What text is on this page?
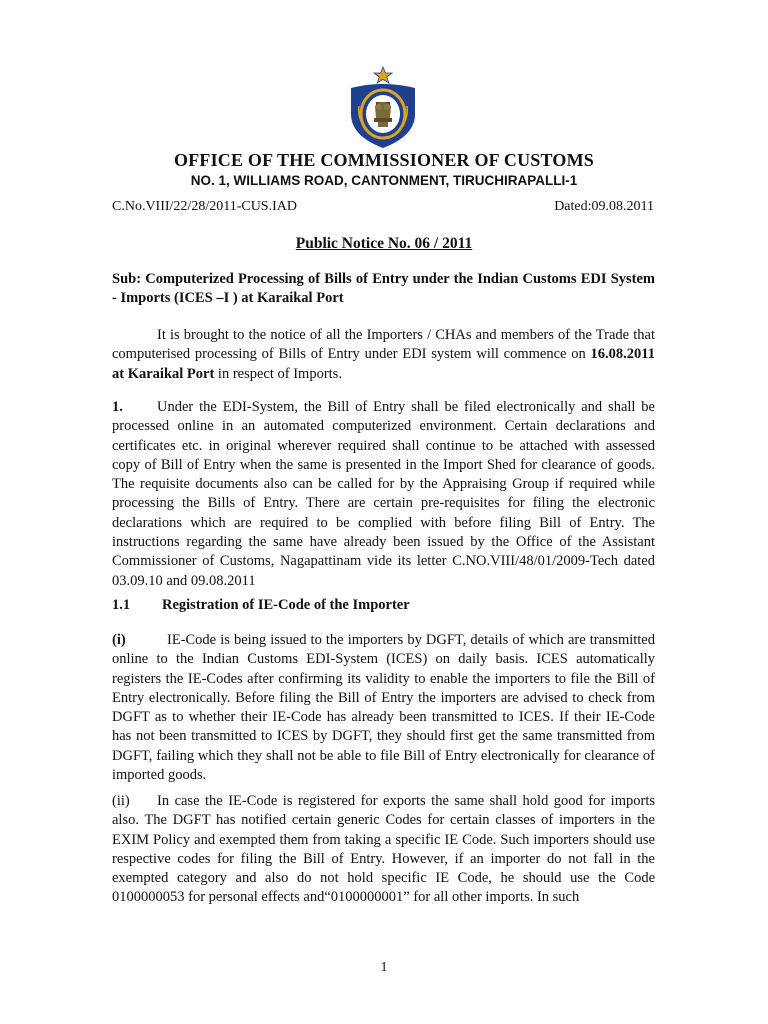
OFFICE OF THE COMMISSIONER OF CUSTOMS
NO. 1, WILLIAMS ROAD, CANTONMENT, TIRUCHIRAPALLI-1
C.No.VIII/22/28/2011-CUS.IAD	Dated:09.08.2011
Public Notice No. 06 / 2011
Sub: Computerized Processing of Bills of Entry under the Indian Customs EDI System - Imports (ICES –I ) at Karaikal Port
It is brought to the notice of all the Importers / CHAs and members of the Trade that computerised processing of Bills of Entry under EDI system will commence on 16.08.2011 at Karaikal Port in respect of Imports.
1. Under the EDI-System, the Bill of Entry shall be filed electronically and shall be processed online in an automated computerized environment. Certain declarations and certificates etc. in original wherever required shall continue to be attached with assessed copy of Bill of Entry when the same is presented in the Import Shed for clearance of goods. The requisite documents also can be called for by the Appraising Group if required while processing the Bills of Entry. There are certain pre-requisites for filing the electronic declarations which are required to be complied with before filing Bill of Entry. The instructions regarding the same have already been issued by the Office of the Assistant Commissioner of Customs, Nagapattinam vide its letter C.NO.VIII/48/01/2009-Tech dated 03.09.10 and 09.08.2011
1.1 Registration of IE-Code of the Importer
(i)	IE-Code is being issued to the importers by DGFT, details of which are transmitted online to the Indian Customs EDI-System (ICES) on daily basis. ICES automatically registers the IE-Codes after confirming its validity to enable the importers to file the Bill of Entry electronically. Before filing the Bill of Entry the importers are advised to check from DGFT as to whether their IE-Code has already been transmitted to ICES. If their IE-Code has not been transmitted to ICES by DGFT, they should first get the same transmitted from DGFT, failing which they shall not be able to file Bill of Entry electronically for clearance of imported goods.
(ii) In case the IE-Code is registered for exports the same shall hold good for imports also. The DGFT has notified certain generic Codes for certain classes of importers in the EXIM Policy and exempted them from taking a specific IE Code. Such importers should use respective codes for filing the Bill of Entry. However, if an importer do not fall in the exempted category and also do not hold specific IE Code, he should use the Code 0100000053 for personal effects and“0100000001” for all other imports. In such
1
